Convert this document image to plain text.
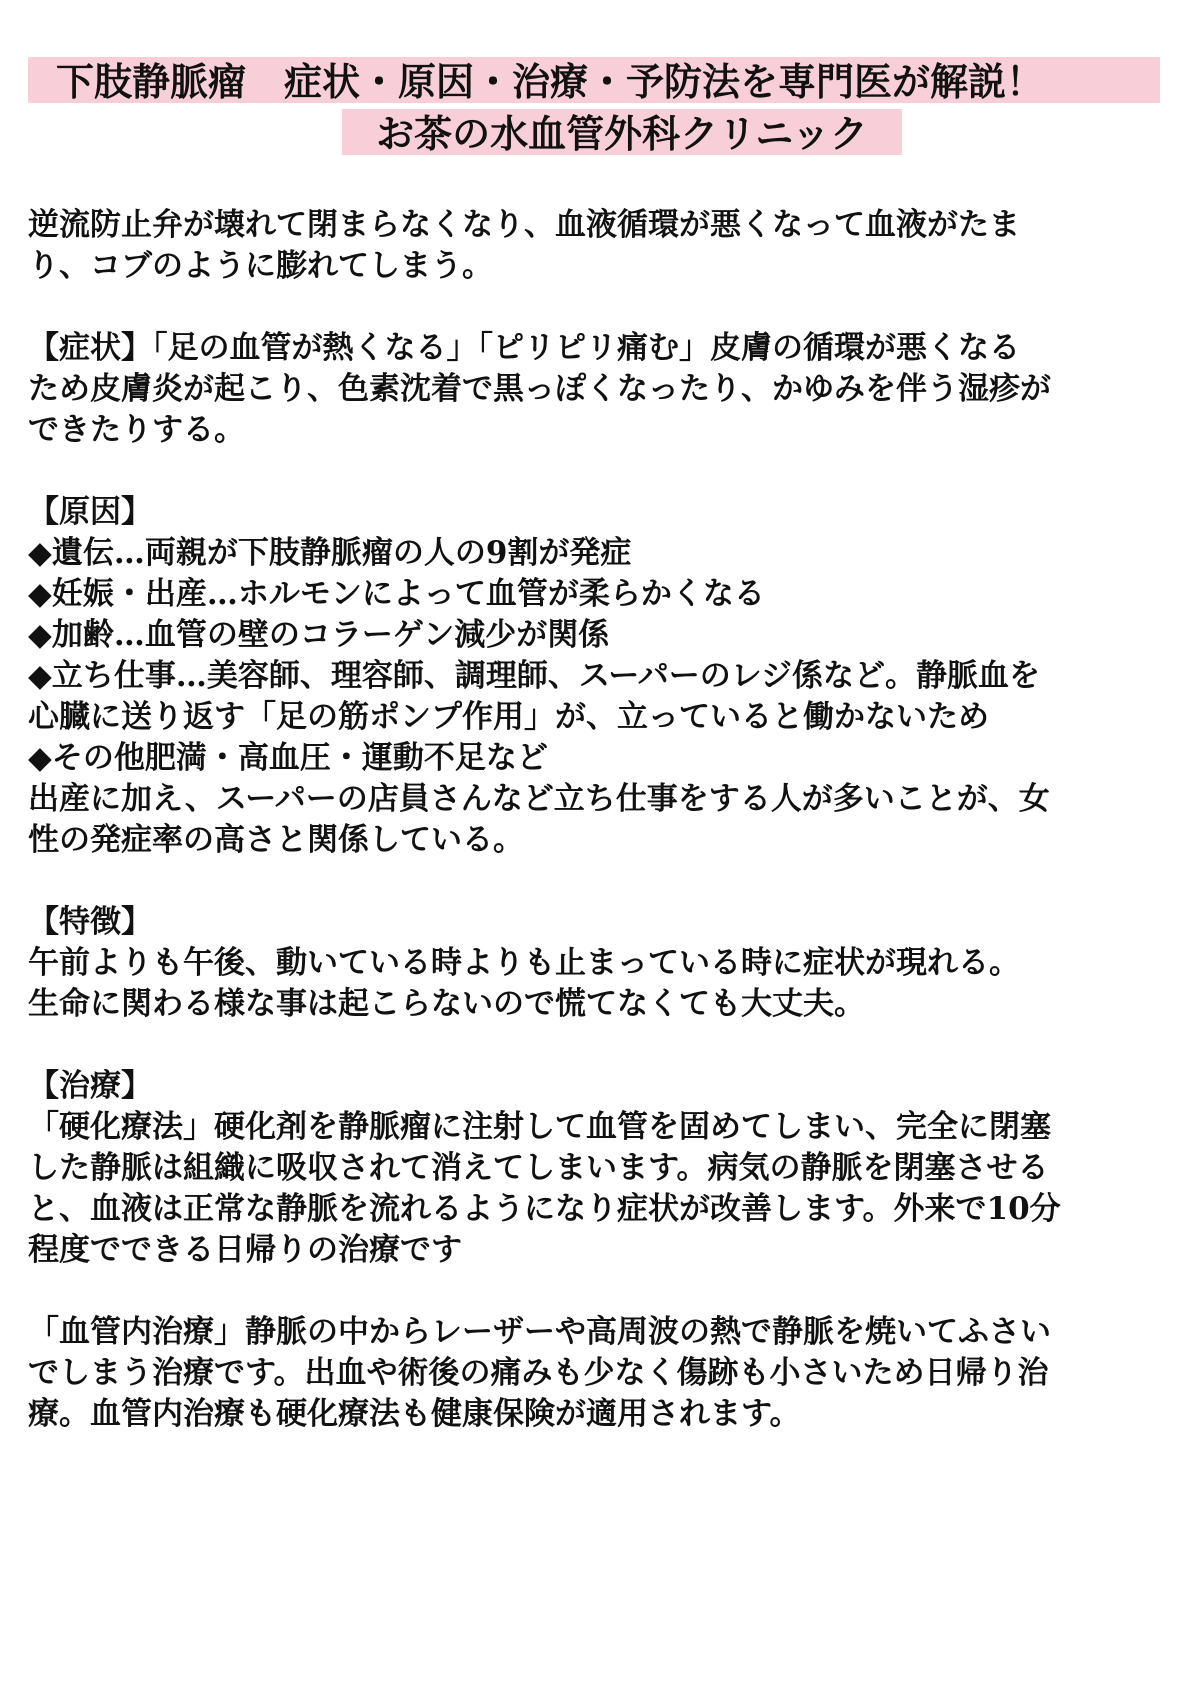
下肢静脈瘤　症状・原因・治療・予防法を専門医が解説！
お茶の水血管外科クリニック
逆流防止弁が壊れて閉まらなくなり、血液循環が悪くなって血液がたま
り、コブのように膨れてしまう。
【症状】「足の血管が熱くなる」「ピリピリ痛む」皮膚の循環が悪くなる
ため皮膚炎が起こり、色素沈着で黒っぽくなったり、かゆみを伴う湿疹が
できたりする。
【原因】
◆遺伝…両親が下肢静脈瘤の人の9割が発症
◆妊娠・出産…ホルモンによって血管が柔らかくなる
◆加齢…血管の壁のコラーゲン減少が関係
◆立ち仕事…美容師、理容師、調理師、スーパーのレジ係など。静脈血を
心臓に送り返す「足の筋ポンプ作用」が、立っていると働かないため
◆その他肥満・高血圧・運動不足など
出産に加え、スーパーの店員さんなど立ち仕事をする人が多いことが、女
性の発症率の高さと関係している。
【特徴】
午前よりも午後、動いている時よりも止まっている時に症状が現れる。
生命に関わる様な事は起こらないので慌てなくても大丈夫。
【治療】
「硬化療法」硬化剤を静脈瘤に注射して血管を固めてしまい、完全に閉塞
した静脈は組織に吸収されて消えてしまいます。病気の静脈を閉塞させる
と、血液は正常な静脈を流れるようになり症状が改善します。外来で10分
程度でできる日帰りの治療です
「血管内治療」静脈の中からレーザーや高周波の熱で静脈を焼いてふさい
でしまう治療です。出血や術後の痛みも少なく傷跡も小さいため日帰り治
療。血管内治療も硬化療法も健康保険が適用されます。
